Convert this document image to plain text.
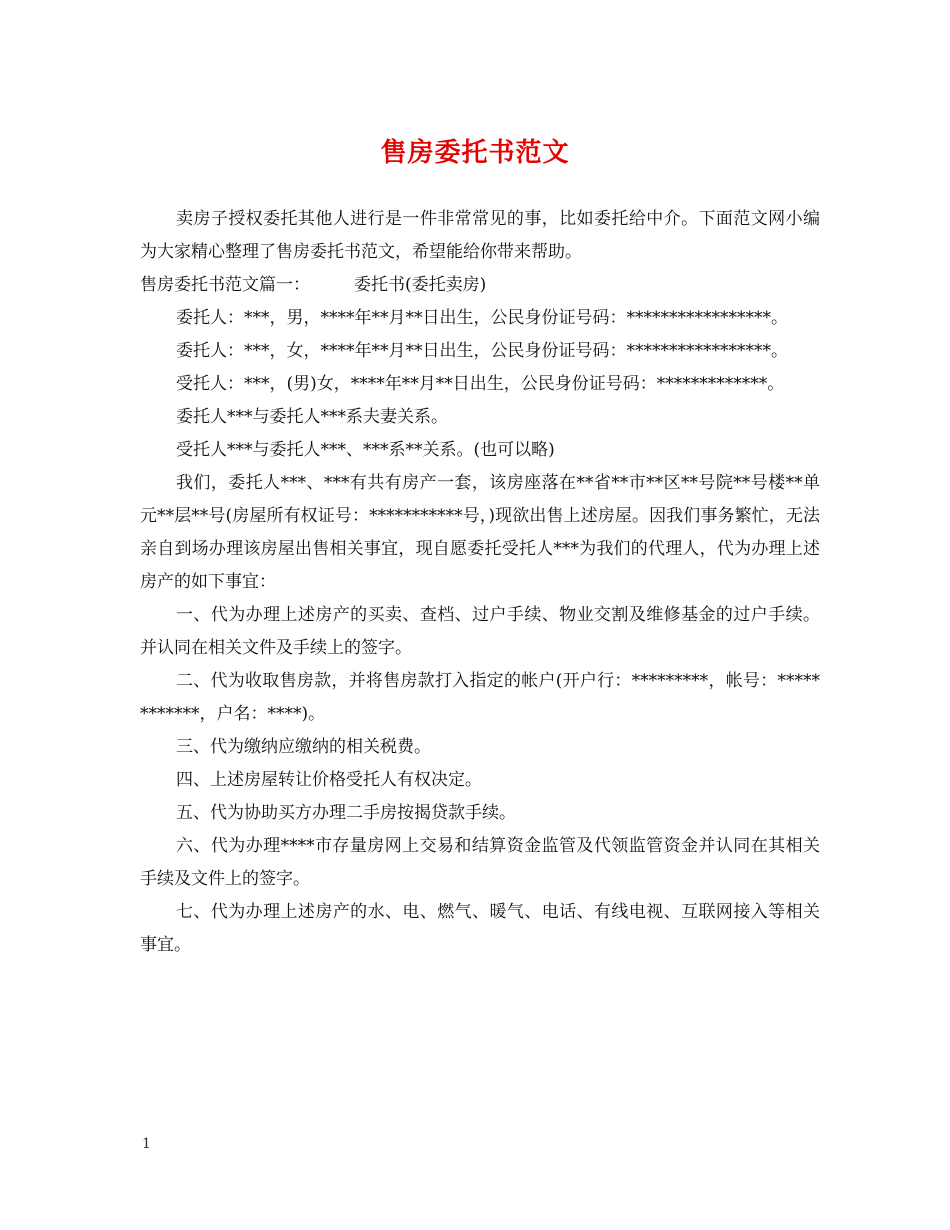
售房委托书范文

卖房子授权委托其他人进行是一件非常常见的事，比如委托给中介。下面范文网小编为大家精心整理了售房委托书范文，希望能给你带来帮助。

售房委托书范文篇一：	委托书(委托卖房)

委托人：***，男，****年**月**日出生，公民身份证号码：*****************。

委托人：***，女，****年**月**日出生，公民身份证号码：*****************。

受托人：***，(男)女，****年**月**日出生，公民身份证号码：*************。

委托人***与委托人***系夫妻关系。

受托人***与委托人***、***系**关系。(也可以略)

我们，委托人***、***有共有房产一套，该房座落在**省**市**区**号院**号楼**单元**层**号(房屋所有权证号：***********号，)现欲出售上述房屋。因我们事务繁忙，无法亲自到场办理该房屋出售相关事宜，现自愿委托受托人***为我们的代理人，代为办理上述房产的如下事宜：

一、代为办理上述房产的买卖、查档、过户手续、物业交割及维修基金的过户手续。并认同在相关文件及手续上的签字。

二、代为收取售房款，并将售房款打入指定的帐户(开户行：*********，帐号：************，户名：****)。

三、代为缴纳应缴纳的相关税费。

四、上述房屋转让价格受托人有权决定。

五、代为协助买方办理二手房按揭贷款手续。

六、代为办理****市存量房网上交易和结算资金监管及代领监管资金并认同在其相关手续及文件上的签字。

七、代为办理上述房产的水、电、燃气、暖气、电话、有线电视、互联网接入等相关事宜。

1
